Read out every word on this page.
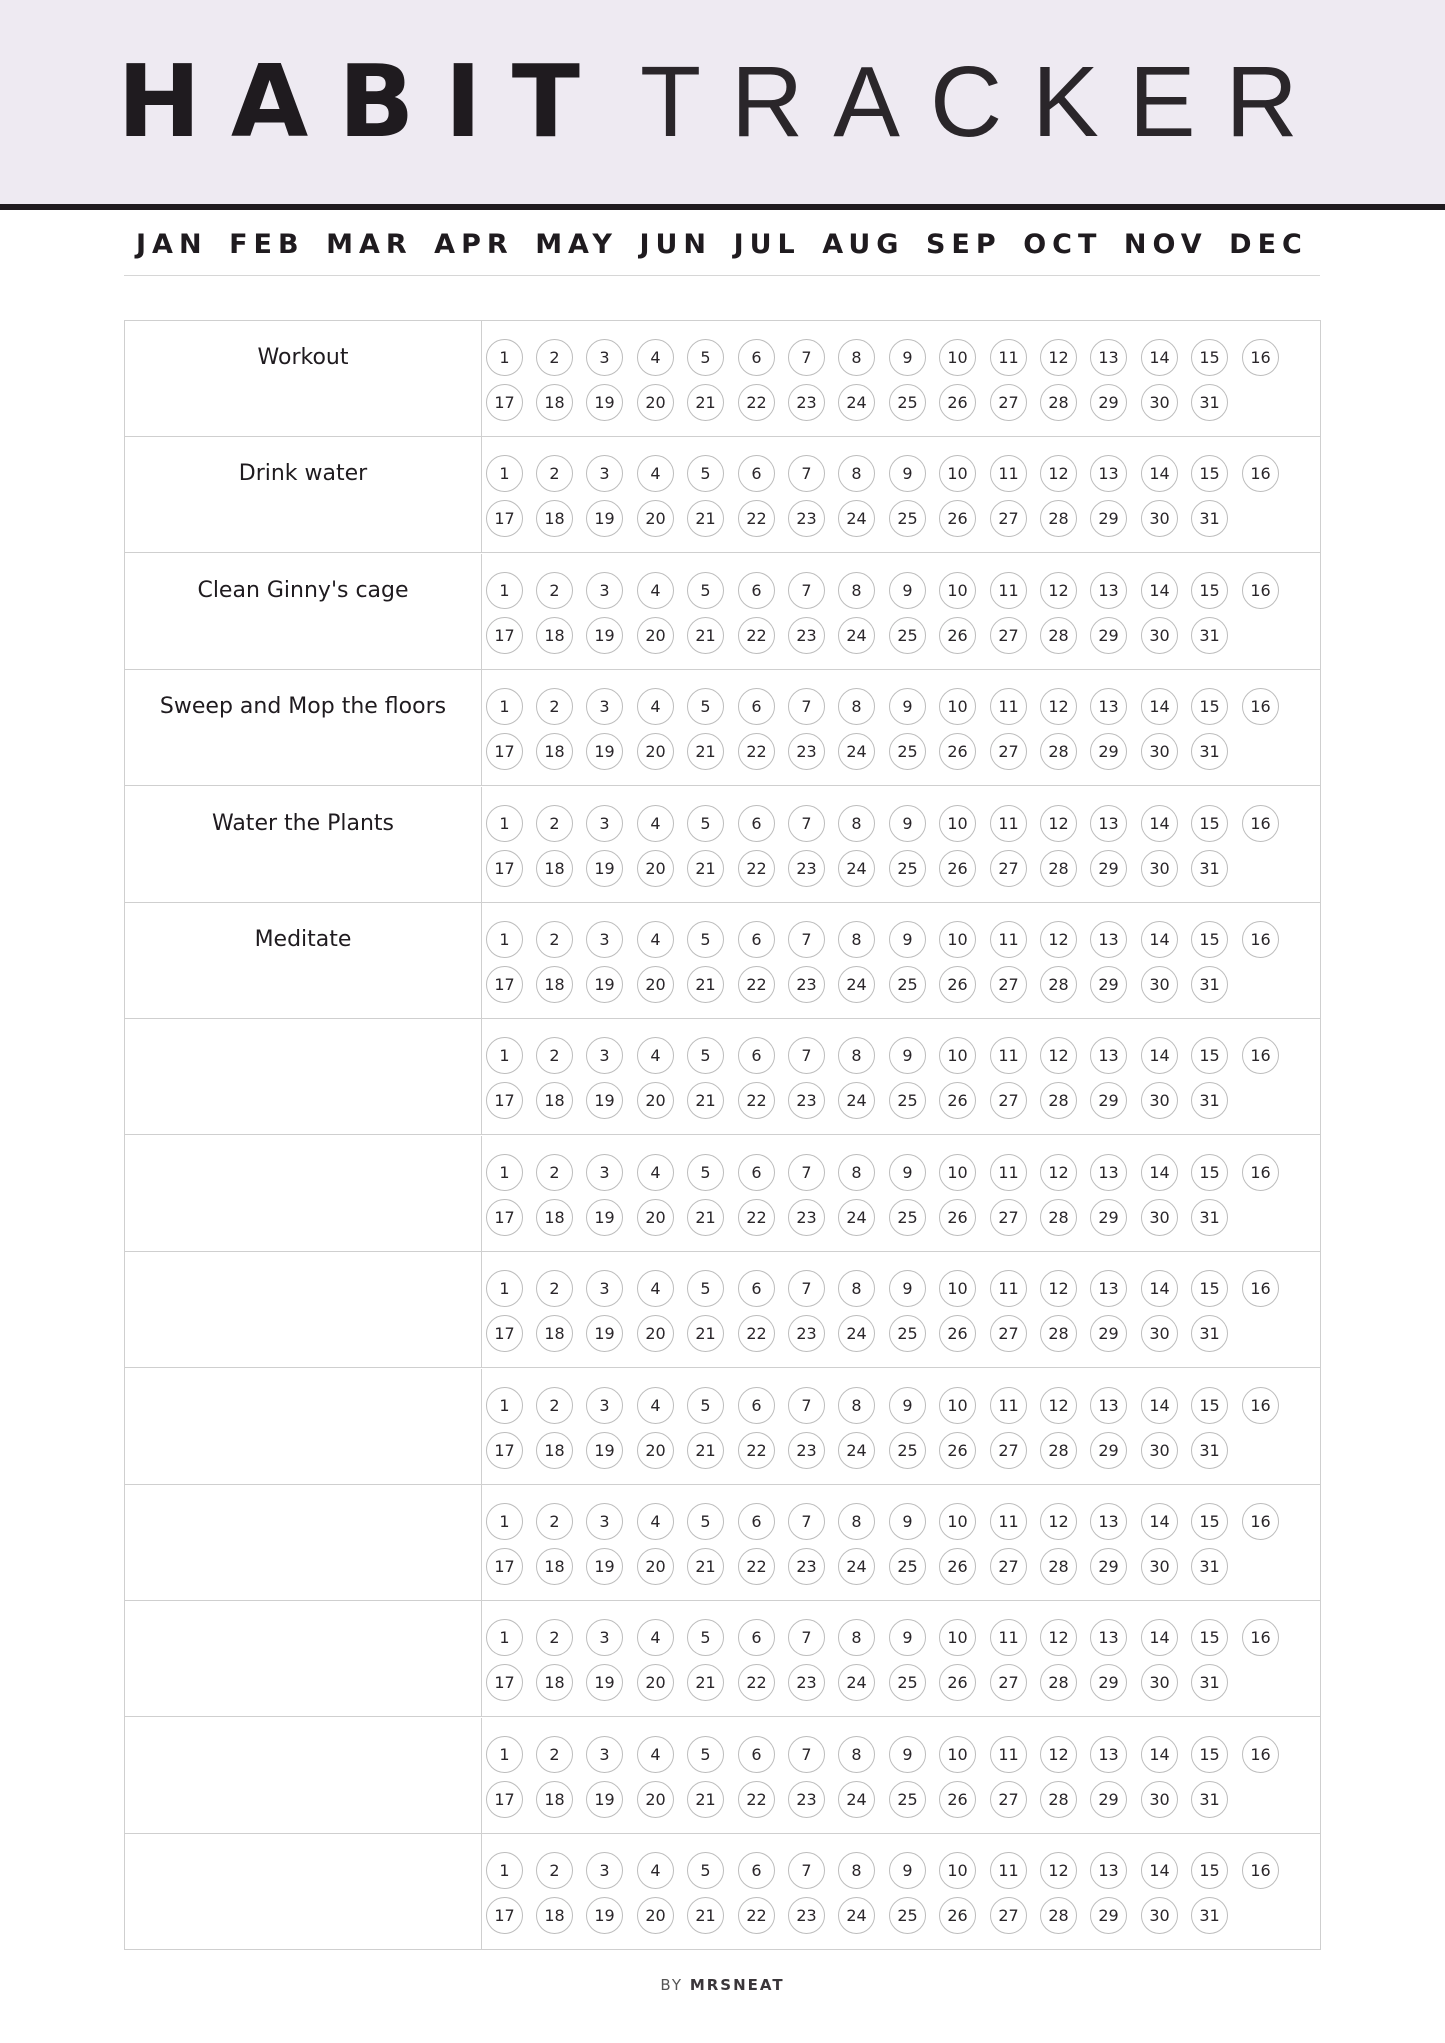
HABIT TRACKER
JAN FEB MAR APR MAY JUN JUL AUG SEP OCT NOV DEC
Workout	1	2	3	4	5	6	7	8	9	10	11	12	13	14	15	16
17	18	19	20	21	22	23	24	25	26	27	28	29	30	31
Drink water	1	2	3	4	5	6	7	8	9	10	11	12	13	14	15	16
17	18	19	20	21	22	23	24	25	26	27	28	29	30	31
Clean Ginny's cage	1	2	3	4	5	6	7	8	9	10	11	12	13	14	15	16
17	18	19	20	21	22	23	24	25	26	27	28	29	30	31
Sweep and Mop the floors	1	2	3	4	5	6	7	8	9	10	11	12	13	14	15	16
17	18	19	20	21	22	23	24	25	26	27	28	29	30	31
Water the Plants	1	2	3	4	5	6	7	8	9	10	11	12	13	14	15	16
17	18	19	20	21	22	23	24	25	26	27	28	29	30	31
Meditate	1	2	3	4	5	6	7	8	9	10	11	12	13	14	15	16
17	18	19	20	21	22	23	24	25	26	27	28	29	30	31
1	2	3	4	5	6	7	8	9	10	11	12	13	14	15	16
17	18	19	20	21	22	23	24	25	26	27	28	29	30	31
1	2	3	4	5	6	7	8	9	10	11	12	13	14	15	16
17	18	19	20	21	22	23	24	25	26	27	28	29	30	31
1	2	3	4	5	6	7	8	9	10	11	12	13	14	15	16
17	18	19	20	21	22	23	24	25	26	27	28	29	30	31
1	2	3	4	5	6	7	8	9	10	11	12	13	14	15	16
17	18	19	20	21	22	23	24	25	26	27	28	29	30	31
1	2	3	4	5	6	7	8	9	10	11	12	13	14	15	16
17	18	19	20	21	22	23	24	25	26	27	28	29	30	31
1	2	3	4	5	6	7	8	9	10	11	12	13	14	15	16
17	18	19	20	21	22	23	24	25	26	27	28	29	30	31
1	2	3	4	5	6	7	8	9	10	11	12	13	14	15	16
17	18	19	20	21	22	23	24	25	26	27	28	29	30	31
1	2	3	4	5	6	7	8	9	10	11	12	13	14	15	16
17	18	19	20	21	22	23	24	25	26	27	28	29	30	31
BY MRSNEAT
